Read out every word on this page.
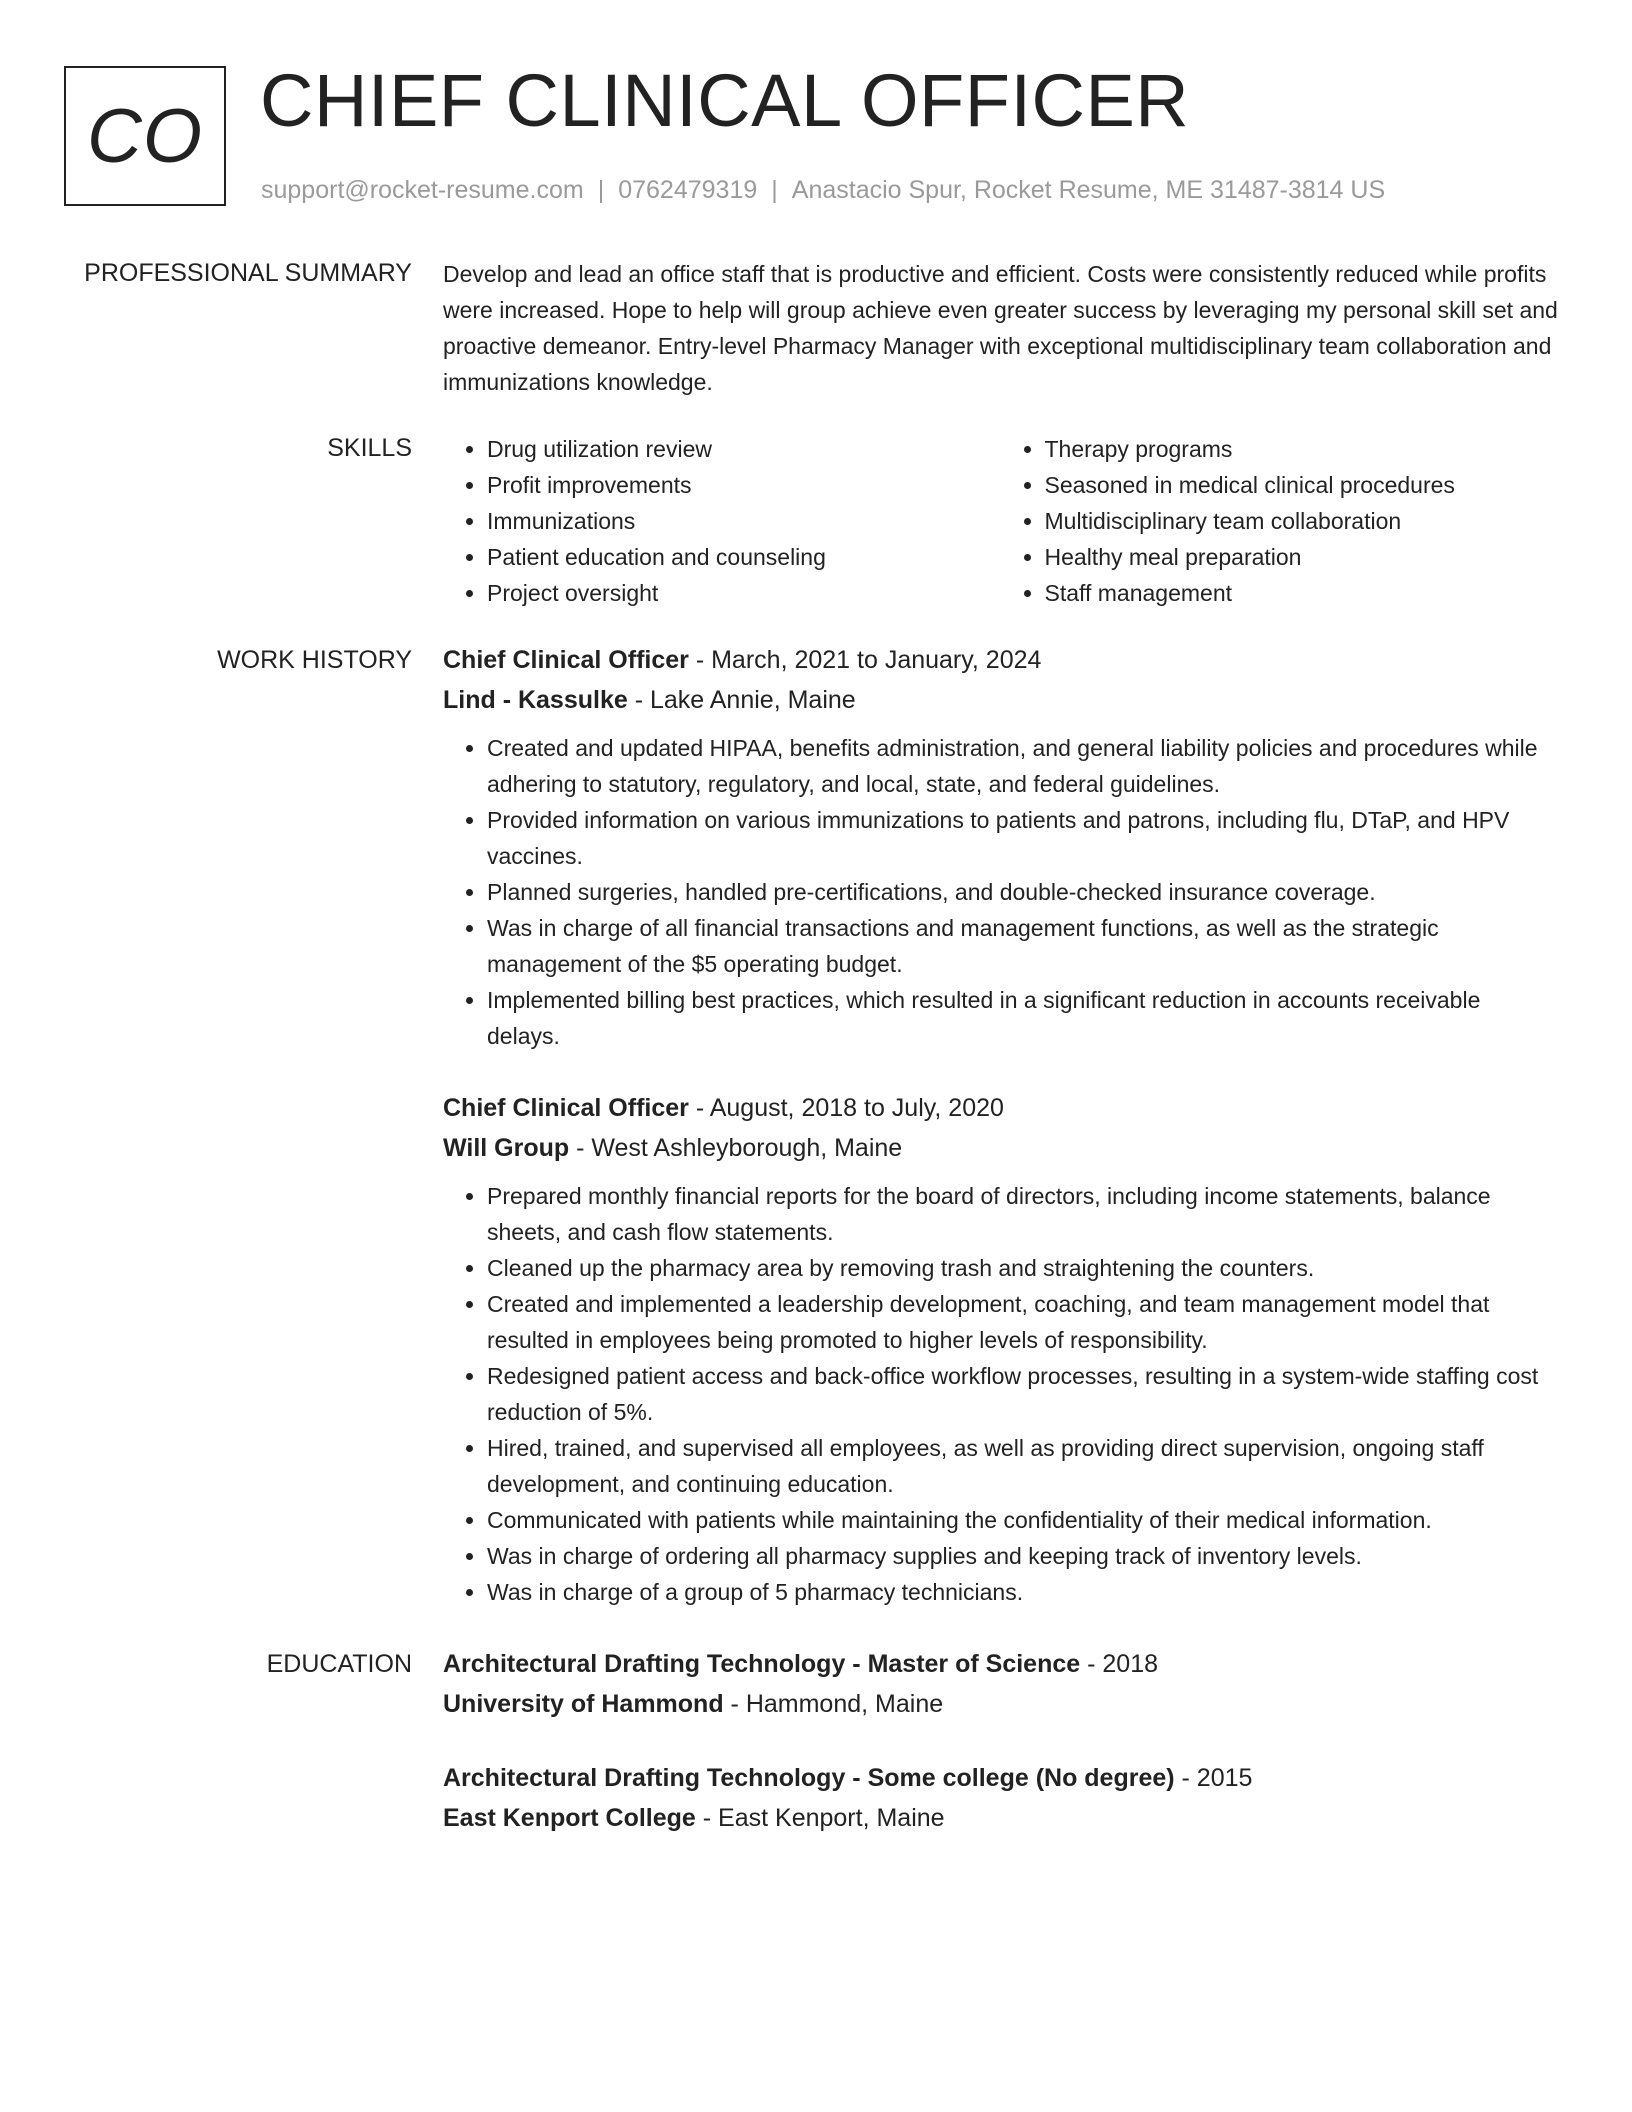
CO CHIEF CLINICAL OFFICER
support@rocket-resume.com | 0762479319 | Anastacio Spur, Rocket Resume, ME 31487-3814 US
PROFESSIONAL SUMMARY Develop and lead an office staff that is productive and efficient. Costs were consistently reduced while profits were increased. Hope to help will group achieve even greater success by leveraging my personal skill set and proactive demeanor. Entry-level Pharmacy Manager with exceptional multidisciplinary team collaboration and immunizations knowledge.

SKILLS
•	Drug utilization review
• Profit improvements
• Immunizations
• Patient education and counseling
• Project oversight
• Therapy programs
• Seasoned in medical clinical procedures
• Multidisciplinary team collaboration
• Healthy meal preparation
• Staff management
WORK HISTORY Chief Clinical Officer - March, 2021 to January, 2024
Lind - Kassulke - Lake Annie, Maine
• Created and updated HIPAA, benefits administration, and general liability policies and procedures while adhering to statutory, regulatory, and local, state, and federal guidelines.
• Provided information on various immunizations to patients and patrons, including flu, DTaP, and HPV vaccines.
• Planned surgeries, handled pre-certifications, and double-checked insurance coverage.
• Was in charge of all financial transactions and management functions, as well as the strategic management of the $5 operating budget.
• Implemented billing best practices, which resulted in a significant reduction in accounts receivable delays.
Chief Clinical Officer - August, 2018 to July, 2020
Will Group - West Ashleyborough, Maine
• Prepared monthly financial reports for the board of directors, including income statements, balance sheets, and cash flow statements.
• Cleaned up the pharmacy area by removing trash and straightening the counters.
• Created and implemented a leadership development, coaching, and team management model that resulted in employees being promoted to higher levels of responsibility.
• Redesigned patient access and back-office workflow processes, resulting in a system-wide staffing cost reduction of 5%.
• Hired, trained, and supervised all employees, as well as providing direct supervision, ongoing staff development, and continuing education.
• Communicated with patients while maintaining the confidentiality of their medical information.
• Was in charge of ordering all pharmacy supplies and keeping track of inventory levels.
• Was in charge of a group of 5 pharmacy technicians.
EDUCATION Architectural Drafting Technology - Master of Science - 2018
University of Hammond - Hammond, Maine
Architectural Drafting Technology - Some college (No degree) - 2015
East Kenport College - East Kenport, Maine
